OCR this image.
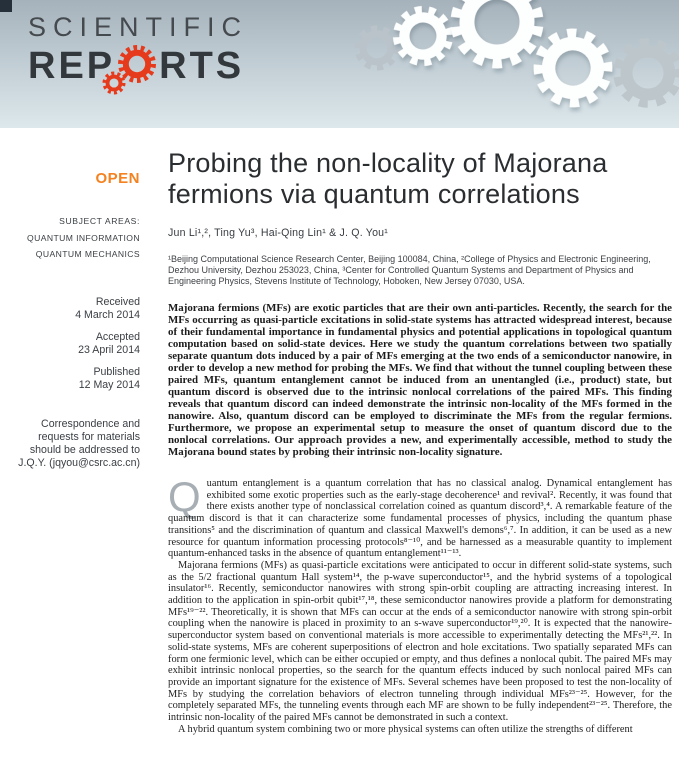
SCIENTIFIC
REP RTS
OPEN
SUBJECT AREAS:
QUANTUM INFORMATION
QUANTUM MECHANICS
Received
4 March 2014
Accepted
23 April 2014
Published
12 May 2014
Correspondence and requests for materials should be addressed to J.Q.Y. (jqyou@csrc.ac.cn)
Probing the non-locality of Majorana fermions via quantum correlations
Jun Li¹,², Ting Yu³, Hai-Qing Lin¹ & J. Q. You¹
¹Beijing Computational Science Research Center, Beijing 100084, China, ²College of Physics and Electronic Engineering, Dezhou University, Dezhou 253023, China, ³Center for Controlled Quantum Systems and Department of Physics and Engineering Physics, Stevens Institute of Technology, Hoboken, New Jersey 07030, USA.
Majorana fermions (MFs) are exotic particles that are their own anti-particles. Recently, the search for the MFs occurring as quasi-particle excitations in solid-state systems has attracted widespread interest, because of their fundamental importance in fundamental physics and potential applications in topological quantum computation based on solid-state devices. Here we study the quantum correlations between two spatially separate quantum dots induced by a pair of MFs emerging at the two ends of a semiconductor nanowire, in order to develop a new method for probing the MFs. We find that without the tunnel coupling between these paired MFs, quantum entanglement cannot be induced from an unentangled (i.e., product) state, but quantum discord is observed due to the intrinsic nonlocal correlations of the paired MFs. This finding reveals that quantum discord can indeed demonstrate the intrinsic non-locality of the MFs formed in the nanowire. Also, quantum discord can be employed to discriminate the MFs from the regular fermions. Furthermore, we propose an experimental setup to measure the onset of quantum discord due to the nonlocal correlations. Our approach provides a new, and experimentally accessible, method to study the Majorana bound states by probing their intrinsic non-locality signature.

Quantum entanglement is a quantum correlation that has no classical analog. Dynamical entanglement has exhibited some exotic properties such as the early-stage decoherence¹ and revival². Recently, it was found that there exists another type of nonclassical correlation coined as quantum discord³,⁴. A remarkable feature of the quantum discord is that it can characterize some fundamental processes of physics, including the quantum phase transitions⁵ and the discrimination of quantum and classical Maxwell's demons⁶,⁷. In addition, it can be used as a new resource for quantum information processing protocols⁸⁻¹⁰, and be harnessed as a measurable quantity to implement quantum-enhanced tasks in the absence of quantum entanglement¹¹⁻¹³.

Majorana fermions (MFs) as quasi-particle excitations were anticipated to occur in different solid-state systems, such as the 5/2 fractional quantum Hall system¹⁴, the p-wave superconductor¹⁵, and the hybrid systems of a topological insulator¹⁶. Recently, semiconductor nanowires with strong spin-orbit coupling are attracting increasing interest. In addition to the application in spin-orbit qubit¹⁷,¹⁸, these semiconductor nanowires provide a platform for demonstrating MFs¹⁹⁻²². Theoretically, it is shown that MFs can occur at the ends of a semiconductor nanowire with strong spin-orbit coupling when the nanowire is placed in proximity to an s-wave superconductor¹⁹,²⁰. It is expected that the nanowire-superconductor system based on conventional materials is more accessible to experimentally detecting the MFs²¹,²². In solid-state systems, MFs are coherent superpositions of electron and hole excitations. Two spatially separated MFs can form one fermionic level, which can be either occupied or empty, and thus defines a nonlocal qubit. The paired MFs may exhibit intrinsic nonlocal properties, so the search for the quantum effects induced by such nonlocal paired MFs can provide an important signature for the existence of MFs. Several schemes have been proposed to test the non-locality of MFs by studying the correlation behaviors of electron tunneling through individual MFs²³⁻²⁵. However, for the completely separated MFs, the tunneling events through each MF are shown to be fully independent²³⁻²⁵. Therefore, the intrinsic non-locality of the paired MFs cannot be demonstrated in such a context.

A hybrid quantum system combining two or more physical systems can often utilize the strengths of different
